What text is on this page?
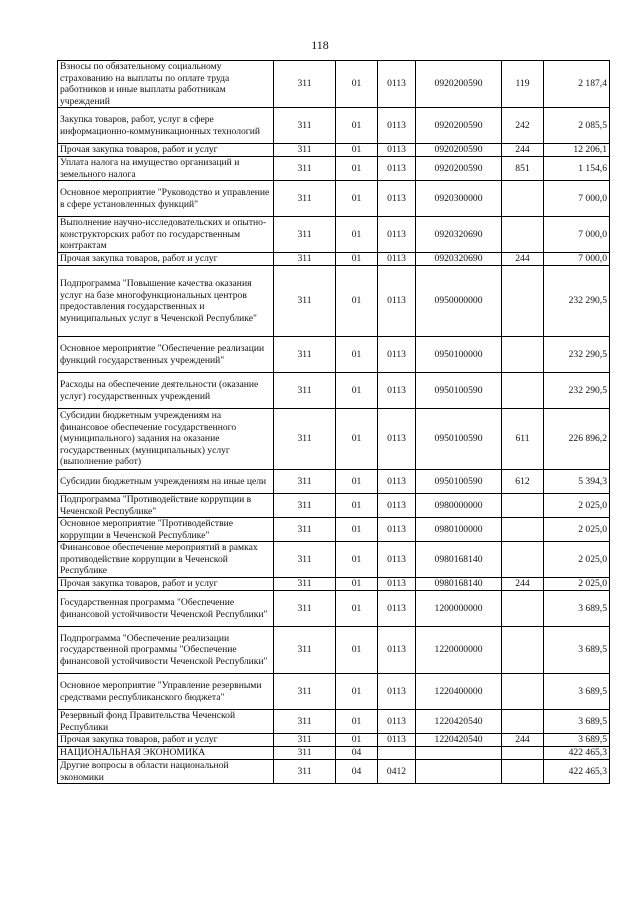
118
Взносы по обязательному социальному страхованию на выплаты по оплате труда работников и иные выплаты работникам учреждений	311	01	0113	0920200590	119	2 187,4
Закупка товаров, работ, услуг в сфере информационно-коммуникационных технологий	311	01	0113	0920200590	242	2 085,5
Прочая закупка товаров, работ и услуг	311	01	0113	0920200590	244	12 206,1
Уплата налога на имущество организаций и земельного налога	311	01	0113	0920200590	851	1 154,6
Основное мероприятие "Руководство и управление в сфере установленных функций"	311	01	0113	0920300000		7 000,0
Выполнение научно-исследовательских и опытно-конструкторских работ по государственным контрактам	311	01	0113	0920320690		7 000,0
Прочая закупка товаров, работ и услуг	311	01	0113	0920320690	244	7 000,0
Подпрограмма "Повышение качества оказания услуг на базе многофункциональных центров предоставления государственных и муниципальных услуг в Чеченской Республике"	311	01	0113	0950000000		232 290,5
Основное мероприятие "Обеспечение реализации функций государственных учреждений"	311	01	0113	0950100000		232 290,5
Расходы на обеспечение деятельности (оказание услуг) государственных учреждений	311	01	0113	0950100590		232 290,5
Субсидии бюджетным учреждениям на финансовое обеспечение государственного (муниципального) задания на оказание государственных (муниципальных) услуг (выполнение работ)	311	01	0113	0950100590	611	226 896,2
Субсидии бюджетным учреждениям на иные цели	311	01	0113	0950100590	612	5 394,3
Подпрограмма "Противодействие коррупции в Чеченской Республике"	311	01	0113	0980000000		2 025,0
Основное мероприятие "Противодействие коррупции в Чеченской Республике"	311	01	0113	0980100000		2 025,0
Финансовое обеспечение мероприятий в рамках противодействие коррупции в Чеченской Республике	311	01	0113	0980168140		2 025,0
Прочая закупка товаров, работ и услуг	311	01	0113	0980168140	244	2 025,0
Государственная программа "Обеспечение финансовой устойчивости Чеченской Республики"	311	01	0113	1200000000		3 689,5
Подпрограмма "Обеспечение реализации государственной программы "Обеспечение финансовой устойчивости Чеченской Республики"	311	01	0113	1220000000		3 689,5
Основное мероприятие "Управление резервными средствами республиканского бюджета"	311	01	0113	1220400000		3 689,5
Резервный фонд Правительства Чеченской Республики	311	01	0113	1220420540		3 689,5
Прочая закупка товаров, работ и услуг	311	01	0113	1220420540	244	3 689,5
НАЦИОНАЛЬНАЯ ЭКОНОМИКА	311	04				422 465,3
Другие вопросы в области национальной экономики	311	04	0412			422 465,3
